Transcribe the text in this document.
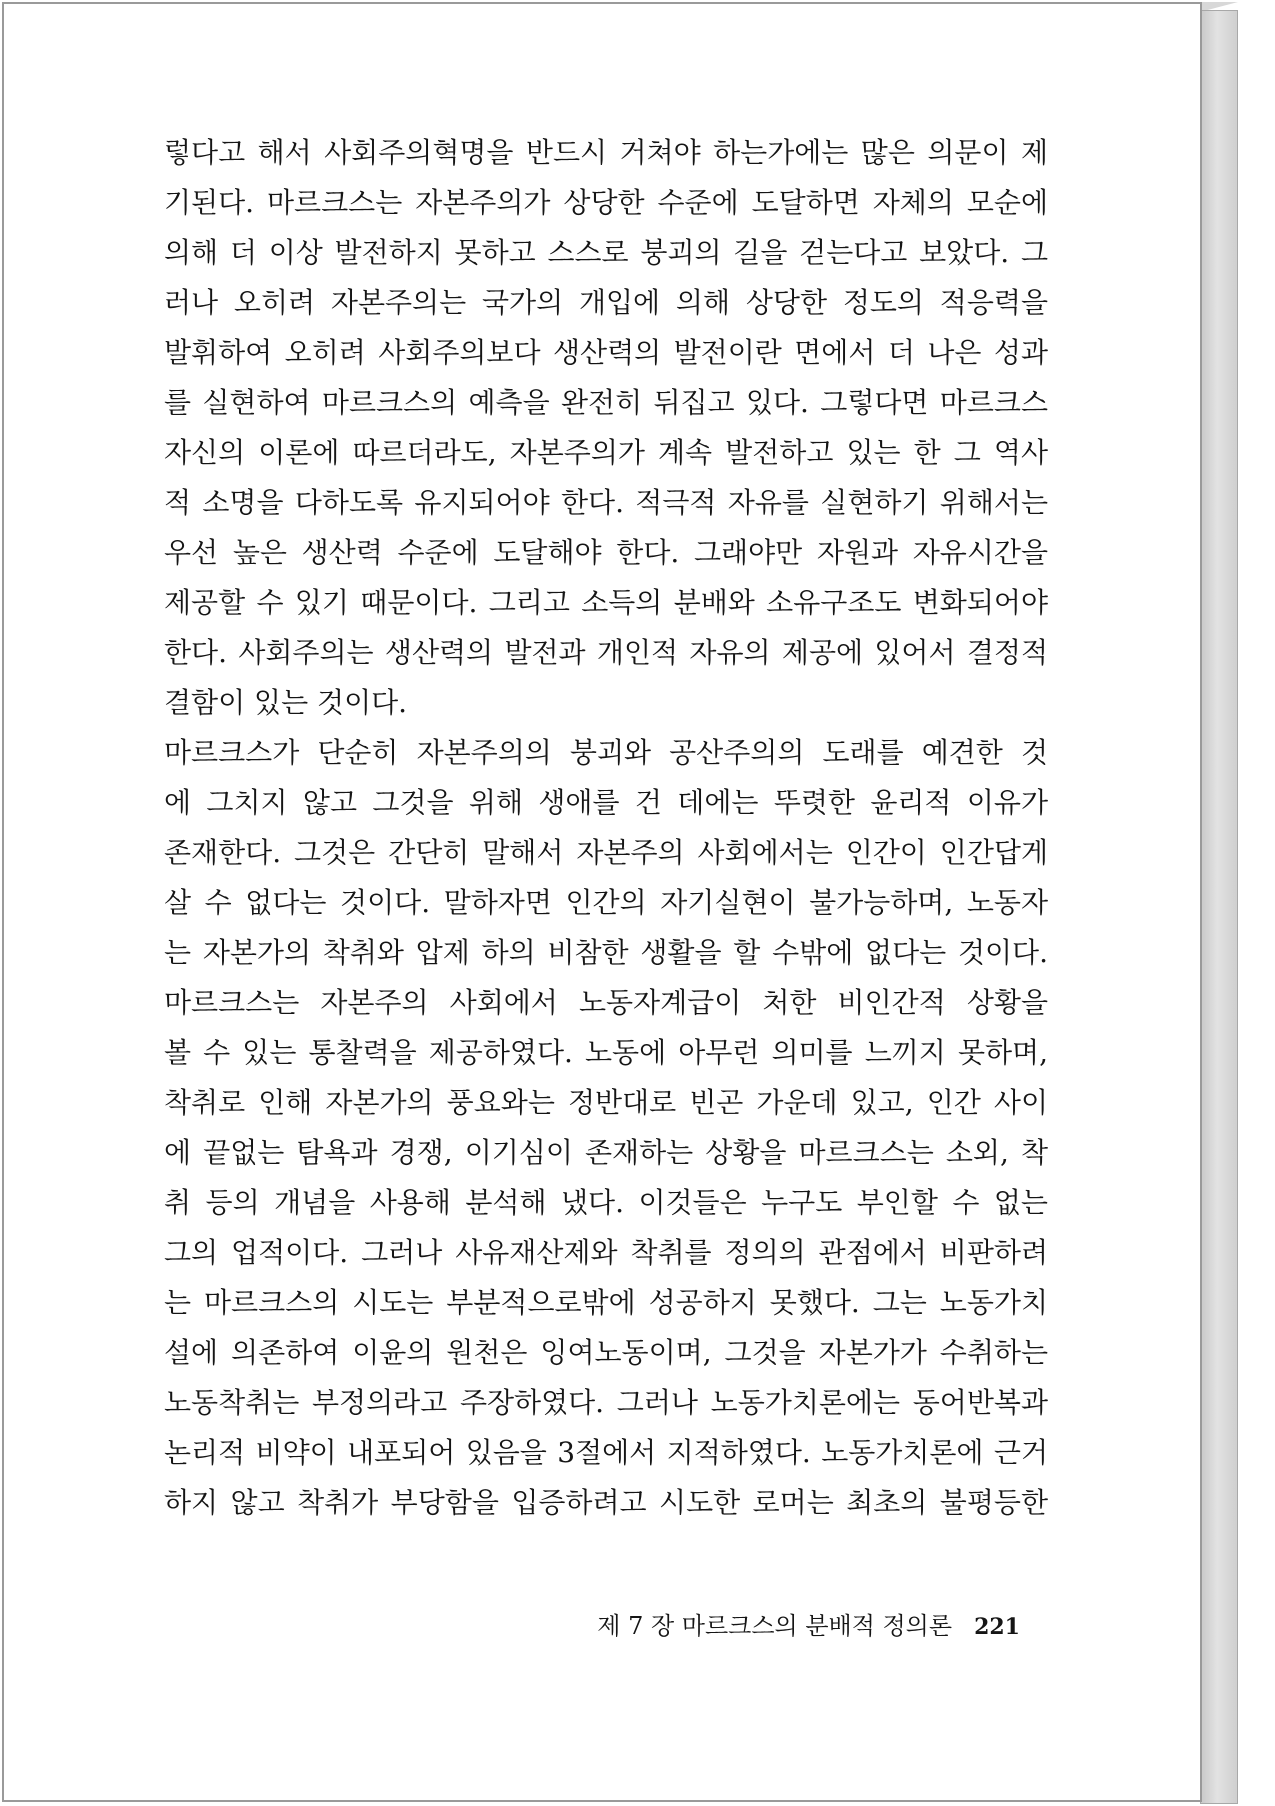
렇다고 해서 사회주의혁명을 반드시 거쳐야 하는가에는 많은 의문이 제
기된다. 마르크스는 자본주의가 상당한 수준에 도달하면 자체의 모순에
의해 더 이상 발전하지 못하고 스스로 붕괴의 길을 걷는다고 보았다. 그
러나 오히려 자본주의는 국가의 개입에 의해 상당한 정도의 적응력을
발휘하여 오히려 사회주의보다 생산력의 발전이란 면에서 더 나은 성과
를 실현하여 마르크스의 예측을 완전히 뒤집고 있다. 그렇다면 마르크스
자신의 이론에 따르더라도, 자본주의가 계속 발전하고 있는 한 그 역사
적 소명을 다하도록 유지되어야 한다. 적극적 자유를 실현하기 위해서는
우선 높은 생산력 수준에 도달해야 한다. 그래야만 자원과 자유시간을
제공할 수 있기 때문이다. 그리고 소득의 분배와 소유구조도 변화되어야
한다. 사회주의는 생산력의 발전과 개인적 자유의 제공에 있어서 결정적
결함이 있는 것이다.
마르크스가 단순히 자본주의의 붕괴와 공산주의의 도래를 예견한 것
에 그치지 않고 그것을 위해 생애를 건 데에는 뚜렷한 윤리적 이유가
존재한다. 그것은 간단히 말해서 자본주의 사회에서는 인간이 인간답게
살 수 없다는 것이다. 말하자면 인간의 자기실현이 불가능하며, 노동자
는 자본가의 착취와 압제 하의 비참한 생활을 할 수밖에 없다는 것이다.
마르크스는 자본주의 사회에서 노동자계급이 처한 비인간적 상황을
볼 수 있는 통찰력을 제공하였다. 노동에 아무런 의미를 느끼지 못하며,
착취로 인해 자본가의 풍요와는 정반대로 빈곤 가운데 있고, 인간 사이
에 끝없는 탐욕과 경쟁, 이기심이 존재하는 상황을 마르크스는 소외, 착
취 등의 개념을 사용해 분석해 냈다. 이것들은 누구도 부인할 수 없는
그의 업적이다. 그러나 사유재산제와 착취를 정의의 관점에서 비판하려
는 마르크스의 시도는 부분적으로밖에 성공하지 못했다. 그는 노동가치
설에 의존하여 이윤의 원천은 잉여노동이며, 그것을 자본가가 수취하는
노동착취는 부정의라고 주장하였다. 그러나 노동가치론에는 동어반복과
논리적 비약이 내포되어 있음을 3절에서 지적하였다. 노동가치론에 근거
하지 않고 착취가 부당함을 입증하려고 시도한 로머는 최초의 불평등한
제 7 장 마르크스의 분배적 정의론 221
